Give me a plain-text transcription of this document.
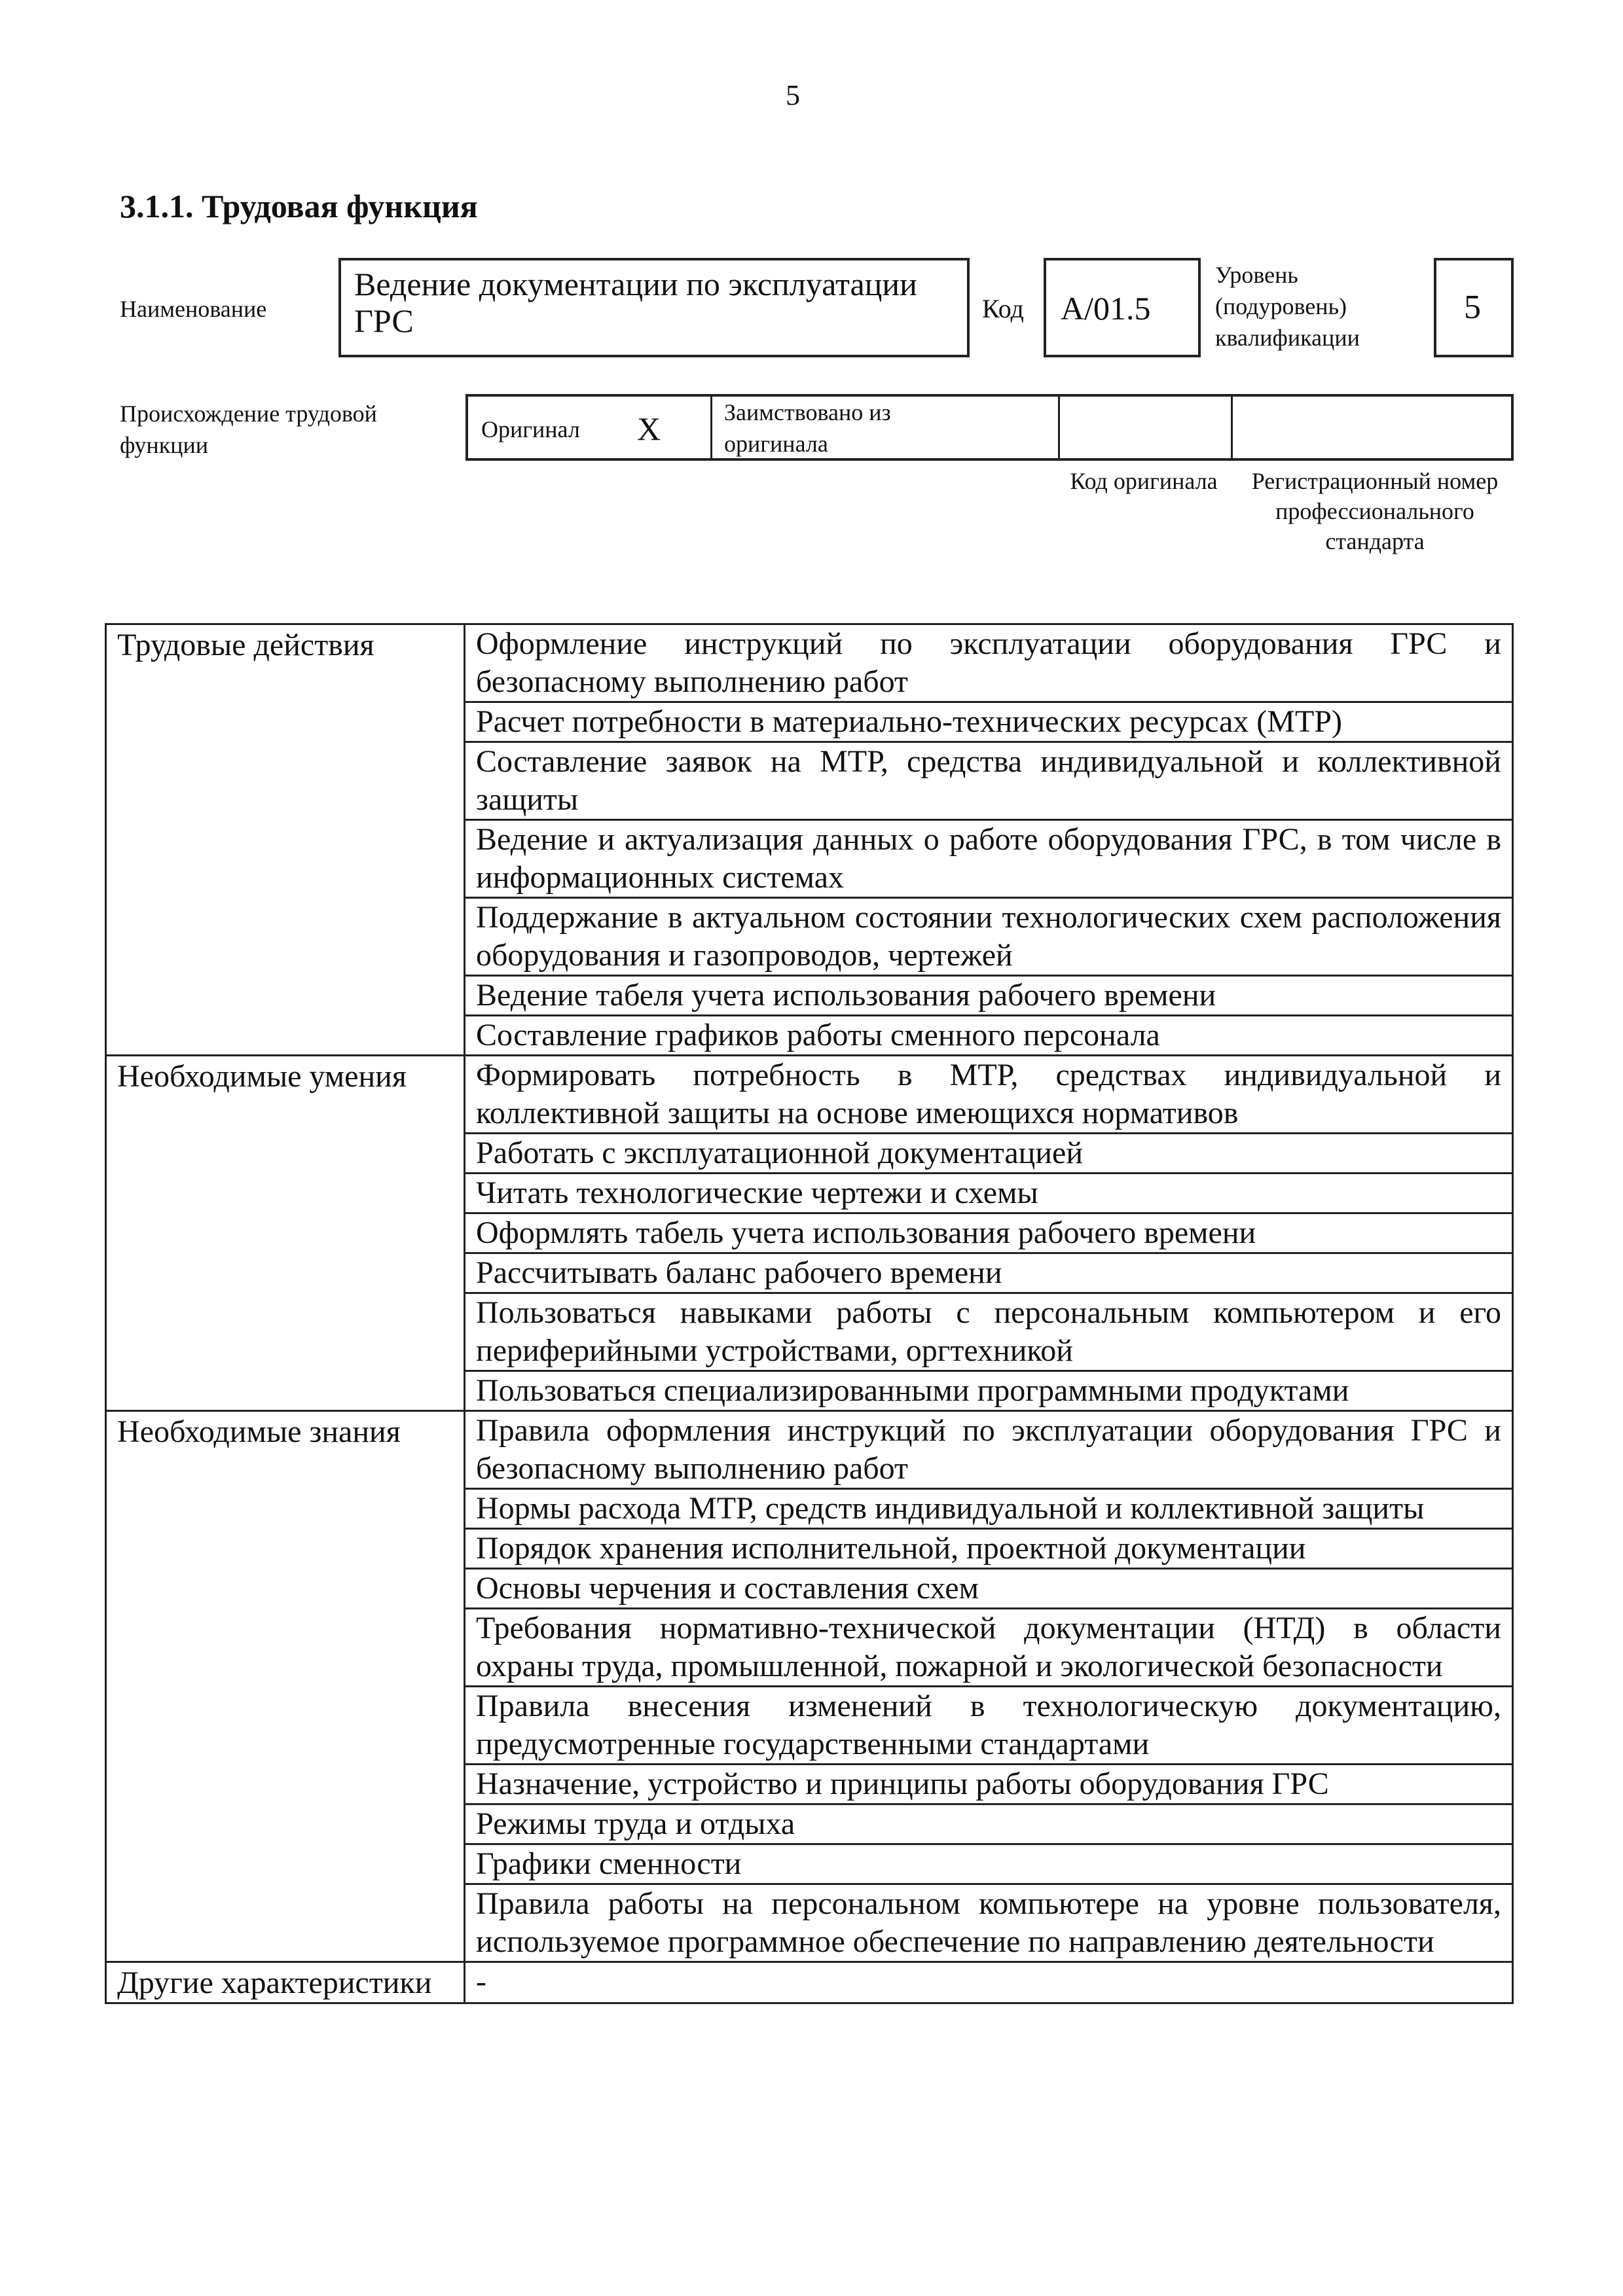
5
3.1.1. Трудовая функция
Наименование
Ведение документации по эксплуатации ГРС	Код A/01.5
Уровень (подуровень) квалификации
5
Происхождение трудовой функции
Оригинал X	Заимствовано из оригинала
Код оригинала	Регистрационный номер профессионального стандарта
Трудовые действия	Оформление инструкций по эксплуатации оборудования ГРС и безопасному выполнению работ
	Расчет потребности в материально-технических ресурсах (МТР)
	Составление заявок на МТР, средства индивидуальной и коллективной защиты
	Ведение и актуализация данных о работе оборудования ГРС, в том числе в информационных системах
	Поддержание в актуальном состоянии технологических схем расположения оборудования и газопроводов, чертежей
	Ведение табеля учета использования рабочего времени
	Составление графиков работы сменного персонала
Необходимые умения	Формировать потребность в МТР, средствах индивидуальной и коллективной защиты на основе имеющихся нормативов
	Работать с эксплуатационной документацией
	Читать технологические чертежи и схемы
	Оформлять табель учета использования рабочего времени
	Рассчитывать баланс рабочего времени
	Пользоваться навыками работы с персональным компьютером и его периферийными устройствами, оргтехникой
	Пользоваться специализированными программными продуктами
Необходимые знания	Правила оформления инструкций по эксплуатации оборудования ГРС и безопасному выполнению работ
	Нормы расхода МТР, средств индивидуальной и коллективной защиты
	Порядок хранения исполнительной, проектной документации
	Основы черчения и составления схем
	Требования нормативно-технической документации (НТД) в области охраны труда, промышленной, пожарной и экологической безопасности
	Правила внесения изменений в технологическую документацию, предусмотренные государственными стандартами
	Назначение, устройство и принципы работы оборудования ГРС
	Режимы труда и отдыха
	Графики сменности
	Правила работы на персональном компьютере на уровне пользователя, используемое программное обеспечение по направлению деятельности
Другие характеристики	-
